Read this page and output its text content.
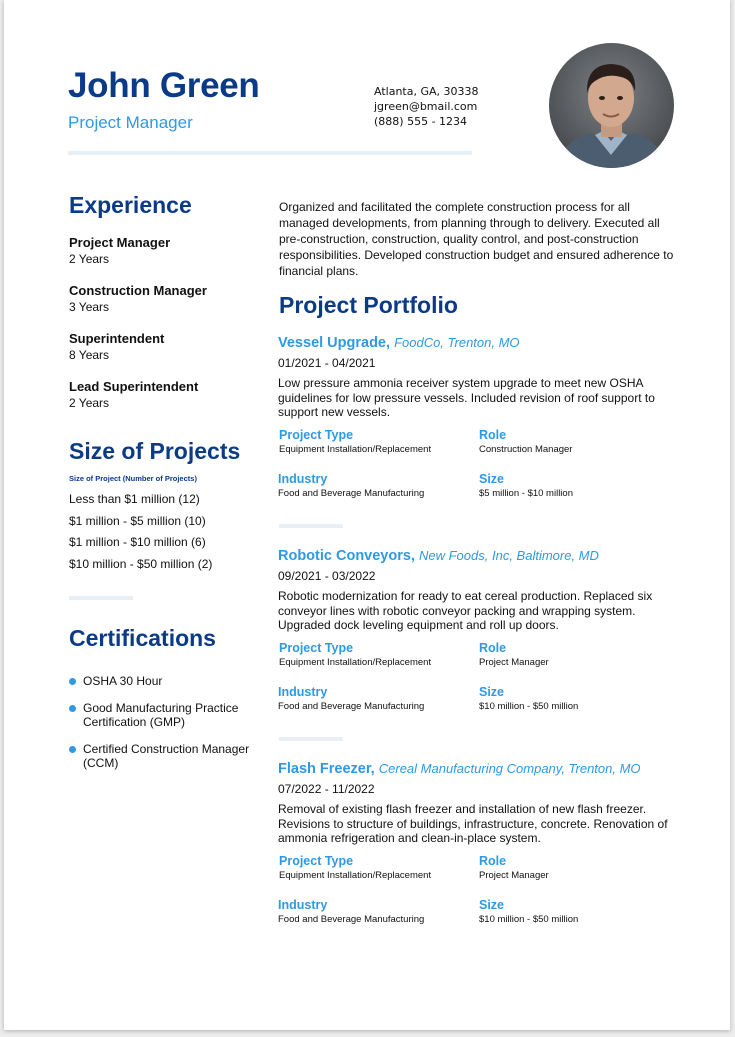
John Green
Project Manager
Atlanta, GA, 30338
jgreen@bmail.com
(888) 555 - 1234
Experience
Project Manager
2 Years
Construction Manager
3 Years
Superintendent
8 Years
Lead Superintendent
2 Years
Size of Projects
Size of Project (Number of Projects)
Less than $1 million (12)
$1 million - $5 million (10)
$1 million - $10 million (6)
$10 million - $50 million (2)
Certifications
OSHA 30 Hour
Good Manufacturing Practice Certification (GMP)
Certified Construction Manager (CCM)
Organized and facilitated the complete construction process for all managed developments, from planning through to delivery. Executed all pre-construction, construction, quality control, and post-construction responsibilities. Developed construction budget and ensured adherence to financial plans.
Project Portfolio
Vessel Upgrade, FoodCo, Trenton, MO
01/2021 - 04/2021
Low pressure ammonia receiver system upgrade to meet new OSHA guidelines for low pressure vessels. Included revision of roof support to support new vessels.
Project Type
Equipment Installation/Replacement
Role
Construction Manager
Industry
Food and Beverage Manufacturing
Size
$5 million - $10 million
Robotic Conveyors, New Foods, Inc, Baltimore, MD
09/2021 - 03/2022
Robotic modernization for ready to eat cereal production. Replaced six conveyor lines with robotic conveyor packing and wrapping system. Upgraded dock leveling equipment and roll up doors.
Project Type
Equipment Installation/Replacement
Role
Project Manager
Industry
Food and Beverage Manufacturing
Size
$10 million - $50 million
Flash Freezer, Cereal Manufacturing Company, Trenton, MO
07/2022 - 11/2022
Removal of existing flash freezer and installation of new flash freezer. Revisions to structure of buildings, infrastructure, concrete. Renovation of ammonia refrigeration and clean-in-place system.
Project Type
Equipment Installation/Replacement
Role
Project Manager
Industry
Food and Beverage Manufacturing
Size
$10 million - $50 million
